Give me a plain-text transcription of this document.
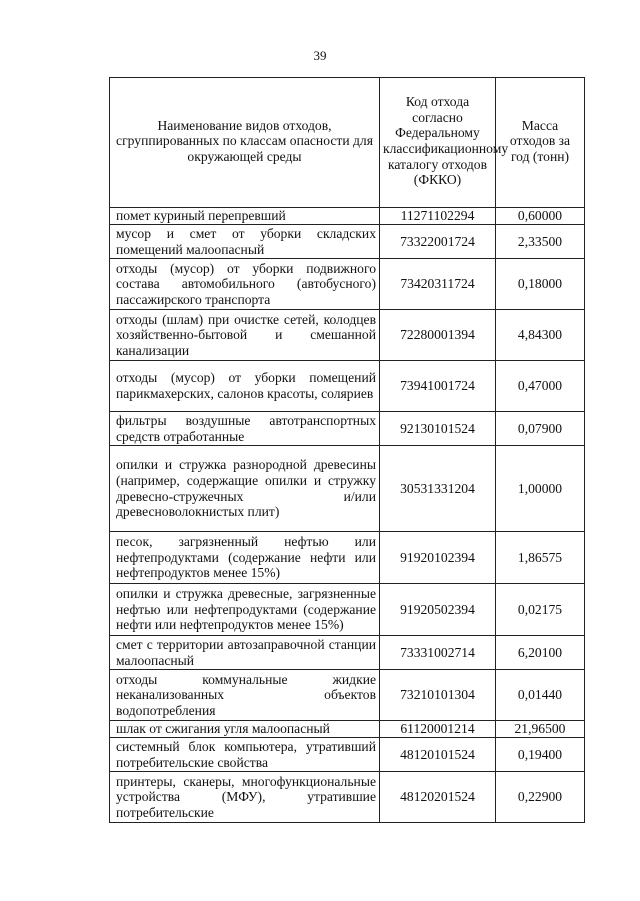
39
Наименование видов отходов, сгруппированных по классам опасности для окружающей среды	Код отхода согласно Федеральному классификационному каталогу отходов (ФККО)	Масса отходов за год (тонн)
помет куриный перепревший	11271102294	0,60000
мусор и смет от уборки складских помещений малоопасный	73322001724	2,33500
отходы (мусор) от уборки подвижного состава автомобильного (автобусного) пассажирского транспорта	73420311724	0,18000
отходы (шлам) при очистке сетей, колодцев хозяйственно-бытовой и смешанной канализации	72280001394	4,84300
отходы (мусор) от уборки помещений парикмахерских, салонов красоты, соляриев	73941001724	0,47000
фильтры воздушные автотранспортных средств отработанные	92130101524	0,07900
опилки и стружка разнородной древесины (например, содержащие опилки и стружку древесно-стружечных и/или древесноволокнистых плит)	30531331204	1,00000
песок, загрязненный нефтью или нефтепродуктами (содержание нефти или нефтепродуктов менее 15%)	91920102394	1,86575
опилки и стружка древесные, загрязненные нефтью или нефтепродуктами (содержание нефти или нефтепродуктов менее 15%)	91920502394	0,02175
смет с территории автозаправочной станции малоопасный	73331002714	6,20100
отходы коммунальные жидкие неканализованных объектов водопотребления	73210101304	0,01440
шлак от сжигания угля малоопасный	61120001214	21,96500
системный блок компьютера, утративший потребительские свойства	48120101524	0,19400
принтеры, сканеры, многофункциональные устройства (МФУ), утратившие потребительские	48120201524	0,22900
